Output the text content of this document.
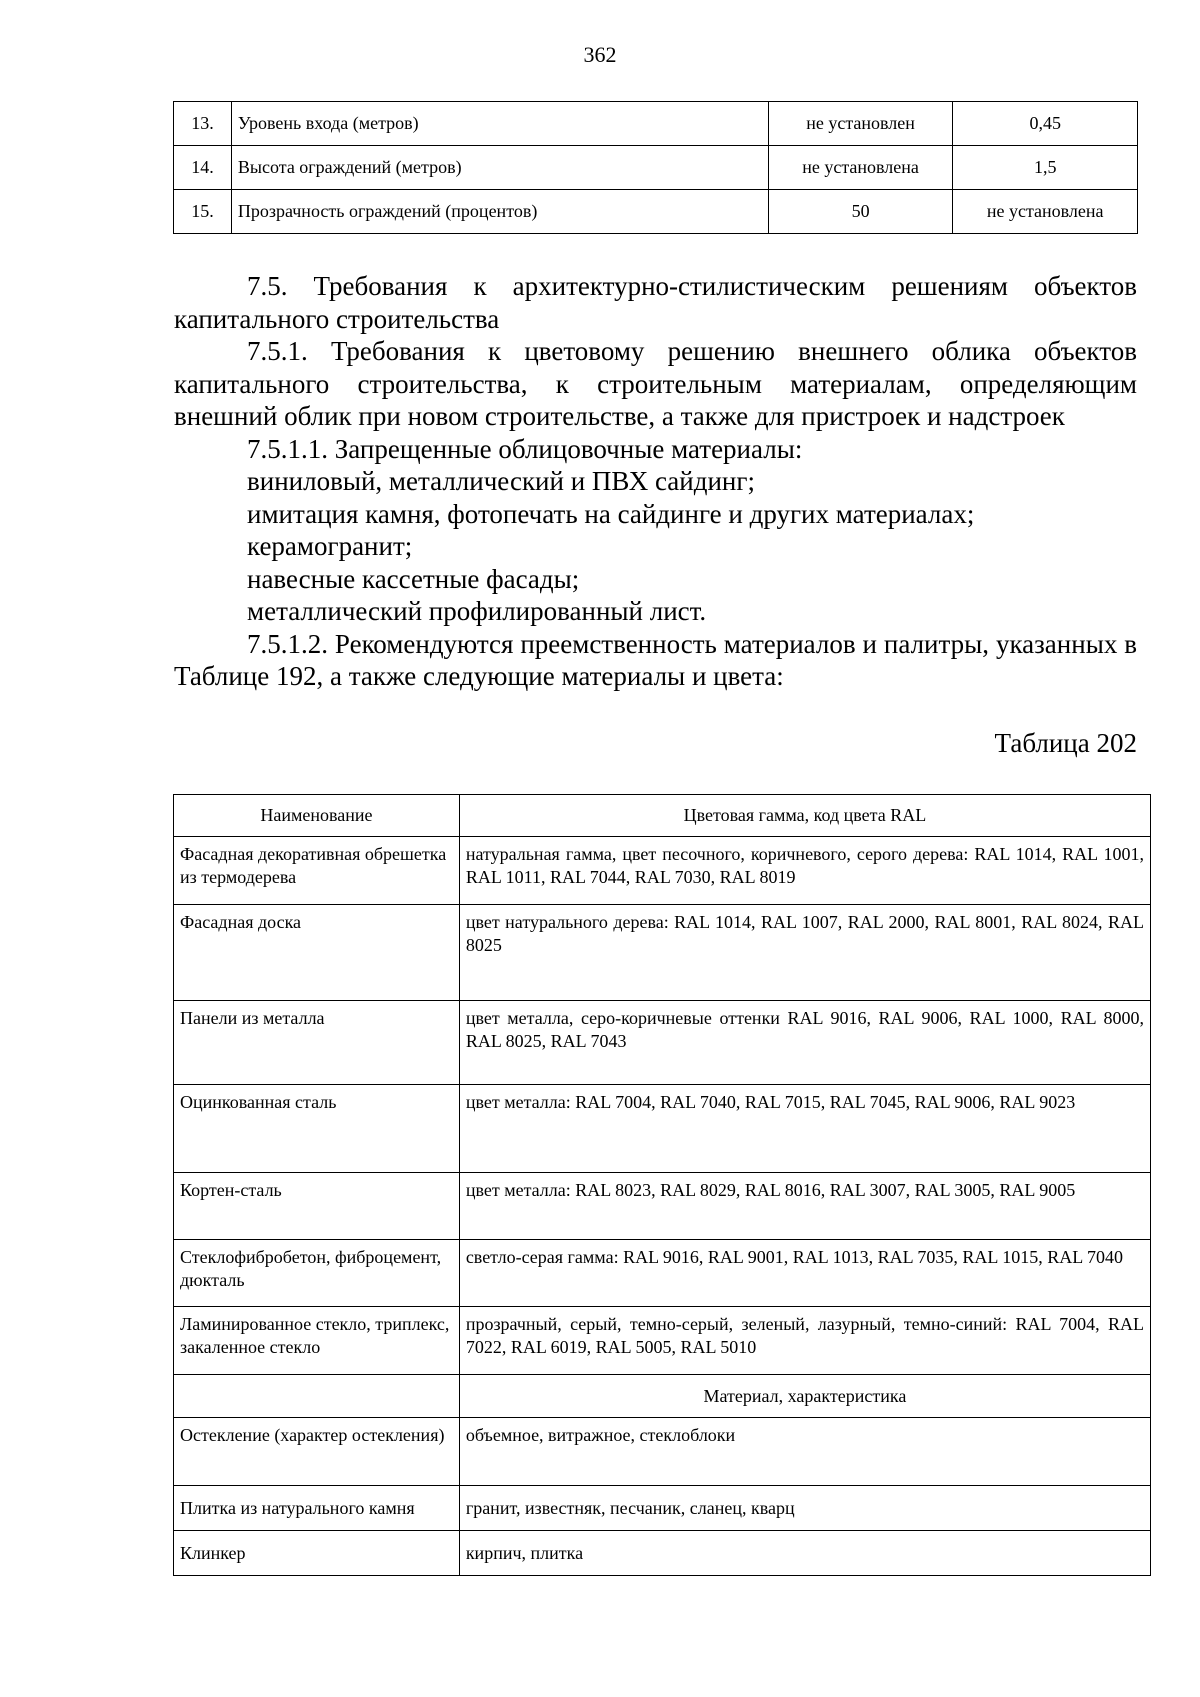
362
13.	Уровень входа (метров)	не установлен	0,45
14.	Высота ограждений (метров)	не установлена	1,5
15.	Прозрачность ограждений (процентов)	50	не установлена

7.5. Требования к архитектурно-стилистическим решениям объектов капитального строительства

7.5.1. Требования к цветовому решению внешнего облика объектов капитального строительства, к строительным материалам, определяющим внешний облик при новом строительстве, а также для пристроек и надстроек

7.5.1.1. Запрещенные облицовочные материалы:

виниловый, металлический и ПВХ сайдинг;

имитация камня, фотопечать на сайдинге и других материалах;

керамогранит;

навесные кассетные фасады;

металлический профилированный лист.

7.5.1.2. Рекомендуются преемственность материалов и палитры, указанных в Таблице 192, а также следующие материалы и цвета:

Таблица 202
Наименование	Цветовая гамма, код цвета RAL
Фасадная декоративная обрешетка из термодерева	натуральная гамма, цвет песочного, коричневого, серого дерева: RAL 1014, RAL 1001, RAL 1011, RAL 7044, RAL 7030, RAL 8019
Фасадная доска	цвет натурального дерева: RAL 1014, RAL 1007, RAL 2000, RAL 8001, RAL 8024, RAL 8025
Панели из металла	цвет металла, серо-коричневые оттенки RAL 9016, RAL 9006, RAL 1000, RAL 8000, RAL 8025, RAL 7043
Оцинкованная сталь	цвет металла: RAL 7004, RAL 7040, RAL 7015, RAL 7045, RAL 9006, RAL 9023
Кортен-сталь	цвет металла: RAL 8023, RAL 8029, RAL 8016, RAL 3007, RAL 3005, RAL 9005
Стеклофибробетон, фиброцемент, дюкталь	светло-серая гамма: RAL 9016, RAL 9001, RAL 1013, RAL 7035, RAL 1015, RAL 7040
Ламинированное стекло, триплекс, закаленное стекло	прозрачный, серый, темно-серый, зеленый, лазурный, темно-синий: RAL 7004, RAL 7022, RAL 6019, RAL 5005, RAL 5010
	Материал, характеристика
Остекление (характер остекления)	объемное, витражное, стеклоблоки
Плитка из натурального камня	гранит, известняк, песчаник, сланец, кварц
Клинкер	кирпич, плитка
